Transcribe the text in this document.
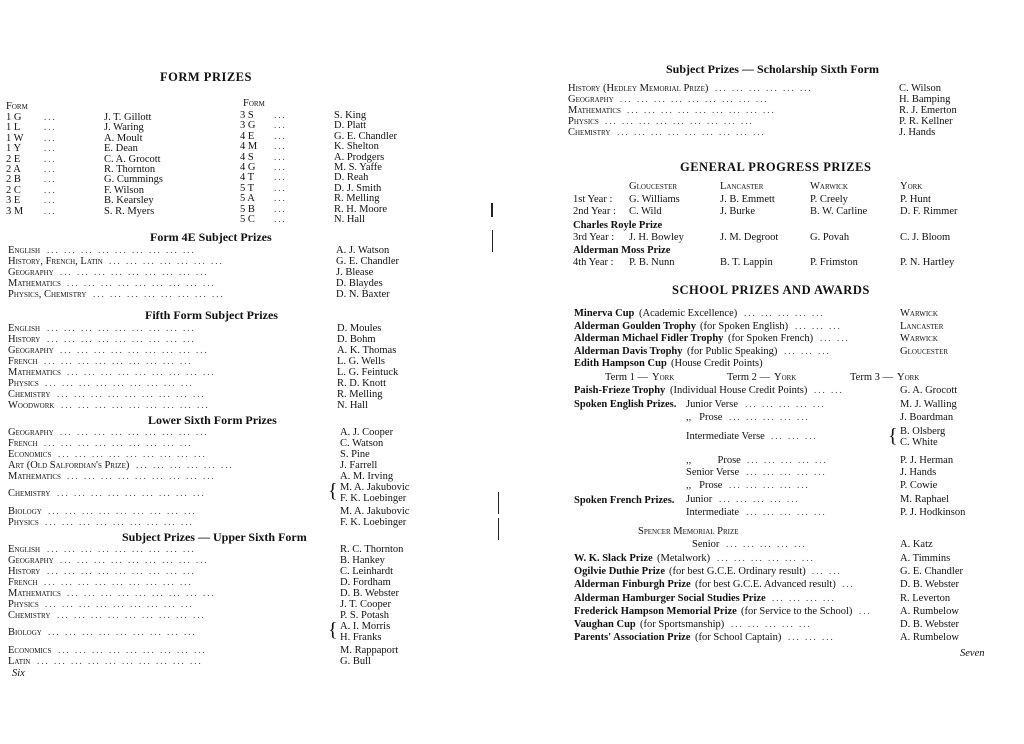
FORM PRIZES
Form	Form
1 G	...	J. T. Gillott
1 L	...	J. Waring
1 W ...	A. Moult
1 Y	...	E. Dean
2 E	...	C. A. Grocott
2 A	...	R. Thornton
2 B	...	G. Cummings
2 C	...	F. Wilson
3 E	...	B. Kearsley
3 M ...	S. R. Myers
3 S ...	S. King
3 G ...	D. Platt
4 E ...	G. E. Chandler
4 M ...	K. Shelton
4 S ...	A. Prodgers
4 G ...	M. S. Yaffe
4 T ...	D. Reah
5 T ...	D. J. Smith
5 A ...	R. Melling
5 B ...	R. H. Moore
5 C ...	N. Hall
Form 4E Subject Prizes
English ... ... ... ... ... ... ... ... ...	A. J. Watson
History, French, Latin ... ... ... ... ... ... ...	G. E. Chandler
Geography ... ... ... ... ... ... ... ... ...	J. Blease
Mathematics ... ... ... ... ... ... ... ... ...	D. Blaydes
Physics, Chemistry ... ... ... ... ... ... ... ...	D. N. Baxter
Fifth Form Subject Prizes
English ... ... ... ... ... ... ... ... ...	D. Moules
History ... ... ... ... ... ... ... ... ...	D. Bohm
Geography ... ... ... ... ... ... ... ... ...	A. K. Thomas
French ... ... ... ... ... ... ... ... ...	L. G. Wells
Mathematics ... ... ... ... ... ... ... ... ...	L. G. Feintuck
Physics ... ... ... ... ... ... ... ... ...	R. D. Knott
Chemistry ... ... ... ... ... ... ... ... ...	R. Melling
Woodwork ... ... ... ... ... ... ... ... ...	N. Hall
Lower Sixth Form Prizes
Geography ... ... ... ... ... ... ... ... ...	A. J. Cooper
French ... ... ... ... ... ... ... ... ...	C. Watson
Economics ... ... ... ... ... ... ... ... ...	S. Pine
Art (Old Salfordian's Prize) ... ... ... ... ... ...	J. Farrell
Mathematics ... ... ... ... ... ... ... ... ...	A. M. Irving
Chemistry ... ... ... ... ... ... ... ... ...	{ M. A. Jakubovic
F. K. Loebinger
Biology ... ... ... ... ... ... ... ... ...	M. A. Jakubovic
Physics ... ... ... ... ... ... ... ... ...	F. K. Loebinger
Subject Prizes — Upper Sixth Form
English ... ... ... ... ... ... ... ... ...	R. C. Thornton
Geography ... ... ... ... ... ... ... ... ...	B. Hankey
History ... ... ... ... ... ... ... ... ...	C. Leinhardt
French ... ... ... ... ... ... ... ... ...	D. Fordham
Mathematics ... ... ... ... ... ... ... ... ...	D. B. Webster
Physics ... ... ... ... ... ... ... ... ...	J. T. Cooper
Chemistry ... ... ... ... ... ... ... ... ...	P. S. Potash
Biology ... ... ... ... ... ... ... ... ...	{ A. I. Morris
H. Franks
Economics ... ... ... ... ... ... ... ... ...	M. Rappaport
Latin ... ... ... ... ... ... ... ... ... ...	G. Bull
Six
Subject Prizes — Scholarship Sixth Form
History (Hedley Memorial Prize) ... ... ... ... ... ...	C. Wilson
Geography ... ... ... ... ... ... ... ... ...	H. Bamping
Mathematics ... ... ... ... ... ... ... ... ...	R. J. Emerton
Physics ... ... ... ... ... ... ... ... ...	P. R. Kellner
Chemistry ... ... ... ... ... ... ... ... ...	J. Hands
GENERAL PROGRESS PRIZES
Gloucester	Lancaster	Warwick	York
1st Year : G. Williams	J. B. Emmett	P. Creely	P. Hunt
2nd Year : C. Wild	J. Burke	B. W. Carline	D. F. Rimmer
Charles Royle Prize
3rd Year : J. H. Bowley	J. M. Degroot	G. Povah	C. J. Bloom
Alderman Moss Prize
4th Year : P. B. Nunn	B. T. Lappin	P. Frimston	P. N. Hartley
SCHOOL PRIZES AND AWARDS
Minerva Cup (Academic Excellence) ... ... ... ... ...	Warwick
Alderman Goulden Trophy (for Spoken English) ... ... ...	Lancaster
Alderman Michael Fidler Trophy (for Spoken French) ... ...	Warwick
Alderman Davis Trophy (for Public Speaking) ... ... ...	Gloucester
Edith Hampson Cup (House Credit Points)
Term 1 — York	Term 2 — York	Term 3 — York
Paish-Frieze Trophy (Individual House Credit Points) ... ...	G. A. Grocott
Spoken English Prizes. Junior Verse ... ... ... ... ...	M. J. Walling
,,   Prose ... ... ... ... ...	J. Boardman
Intermediate Verse ... ... ...	{ B. Olsberg
C. White
,,          Prose ... ... ... ... ...	P. J. Herman
Senior Verse ... ... ... ... ...	J. Hands
,,   Prose ... ... ... ... ...	P. Cowie
Spoken French Prizes. Junior ... ... ... ... ...	M. Raphael
Intermediate ... ... ... ... ...	P. J. Hodkinson
Spencer Memorial Prize
Senior ... ... ... ... ...	A. Katz
W. K. Slack Prize (Metalwork) ... ... ... ... ... ...	A. Timmins
Ogilvie Duthie Prize (for best G.C.E. Ordinary result) ... ...	G. E. Chandler
Alderman Finburgh Prize (for best G.C.E. Advanced result) ...	D. B. Webster
Alderman Hamburger Social Studies Prize ... ... ... ...	R. Leverton
Frederick Hampson Memorial Prize (for Service to the School) ...	A. Rumbelow
Vaughan Cup (for Sportsmanship) ... ... ... ... ...	D. B. Webster
Parents' Association Prize (for School Captain) ... ... ...	A. Rumbelow
Seven
